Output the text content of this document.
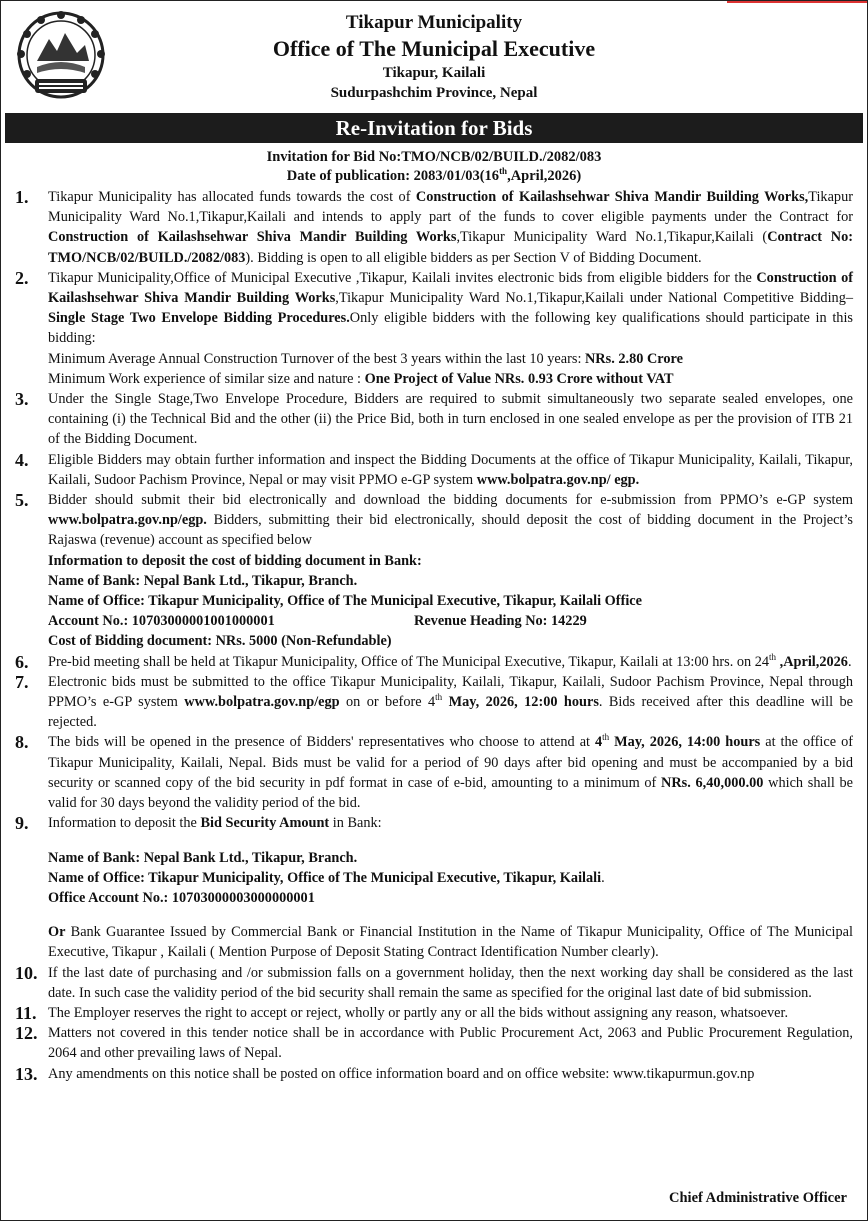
Tikapur Municipality
Office of The Municipal Executive
Tikapur, Kailali
Sudurpashchim Province, Nepal
Re-Invitation for Bids
Invitation for Bid No:TMO/NCB/02/BUILD./2082/083
Date of publication: 2083/01/03(16th,April,2026)
1. Tikapur Municipality has allocated funds towards the cost of Construction of Kailashsehwar Shiva Mandir Building Works,Tikapur Municipality Ward No.1,Tikapur,Kailali and intends to apply part of the funds to cover eligible payments under the Contract for Construction of Kailashsehwar Shiva Mandir Building Works,Tikapur Municipality Ward No.1,Tikapur,Kailali (Contract No: TMO/NCB/02/BUILD./2082/083). Bidding is open to all eligible bidders as per Section V of Bidding Document.
2. Tikapur Municipality,Office of Municipal Executive ,Tikapur, Kailali invites electronic bids from eligible bidders for the Construction of Kailashsehwar Shiva Mandir Building Works,Tikapur Municipality Ward No.1,Tikapur,Kailali under National Competitive Bidding–Single Stage Two Envelope Bidding Procedures.Only eligible bidders with the following key qualifications should participate in this bidding:
Minimum Average Annual Construction Turnover of the best 3 years within the last 10 years: NRs. 2.80 Crore
Minimum Work experience of similar size and nature : One Project of Value NRs. 0.93 Crore without VAT
3. Under the Single Stage,Two Envelope Procedure, Bidders are required to submit simultaneously two separate sealed envelopes, one containing (i) the Technical Bid and the other (ii) the Price Bid, both in turn enclosed in one sealed envelope as per the provision of ITB 21 of the Bidding Document.
4. Eligible Bidders may obtain further information and inspect the Bidding Documents at the office of Tikapur Municipality, Kailali, Tikapur, Kailali, Sudoor Pachism Province, Nepal or may visit PPMO e-GP system www.bolpatra.gov.np/ egp.
5. Bidder should submit their bid electronically and download the bidding documents for e-submission from PPMO’s e-GP system www.bolpatra.gov.np/egp. Bidders, submitting their bid electronically, should deposit the cost of bidding document in the Project’s Rajaswa (revenue) account as specified below
Information to deposit the cost of bidding document in Bank:
Name of Bank: Nepal Bank Ltd., Tikapur, Branch.
Name of Office: Tikapur Municipality, Office of The Municipal Executive, Tikapur, Kailali Office
Account No.: 10703000001001000001	Revenue Heading No: 14229
Cost of Bidding document: NRs. 5000 (Non-Refundable)
6. Pre-bid meeting shall be held at Tikapur Municipality, Office of The Municipal Executive, Tikapur, Kailali at 13:00 hrs. on 24th ,April,2026.
7. Electronic bids must be submitted to the office Tikapur Municipality, Kailali, Tikapur, Kailali, Sudoor Pachism Province, Nepal through PPMO’s e-GP system www.bolpatra.gov.np/egp on or before 4th May, 2026, 12:00 hours. Bids received after this deadline will be rejected.
8. The bids will be opened in the presence of Bidders' representatives who choose to attend at 4th May, 2026, 14:00 hours at the office of Tikapur Municipality, Kailali, Nepal. Bids must be valid for a period of 90 days after bid opening and must be accompanied by a bid security or scanned copy of the bid security in pdf format in case of e-bid, amounting to a minimum of NRs. 6,40,000.00 which shall be valid for 30 days beyond the validity period of the bid.
9. Information to deposit the Bid Security Amount in Bank:
Name of Bank: Nepal Bank Ltd., Tikapur, Branch.
Name of Office: Tikapur Municipality, Office of The Municipal Executive, Tikapur, Kailali.
Office Account No.: 10703000003000000001
Or Bank Guarantee Issued by Commercial Bank or Financial Institution in the Name of Tikapur Municipality, Office of The Municipal Executive, Tikapur , Kailali ( Mention Purpose of Deposit Stating Contract Identification Number clearly).
10. If the last date of purchasing and /or submission falls on a government holiday, then the next working day shall be considered as the last date. In such case the validity period of the bid security shall remain the same as specified for the original last date of bid submission.
11. The Employer reserves the right to accept or reject, wholly or partly any or all the bids without assigning any reason, whatsoever.
12. Matters not covered in this tender notice shall be in accordance with Public Procurement Act, 2063 and Public Procurement Regulation, 2064 and other prevailing laws of Nepal.
13. Any amendments on this notice shall be posted on office information board and on office website: www.tikapurmun.gov.np
Chief Administrative Officer
